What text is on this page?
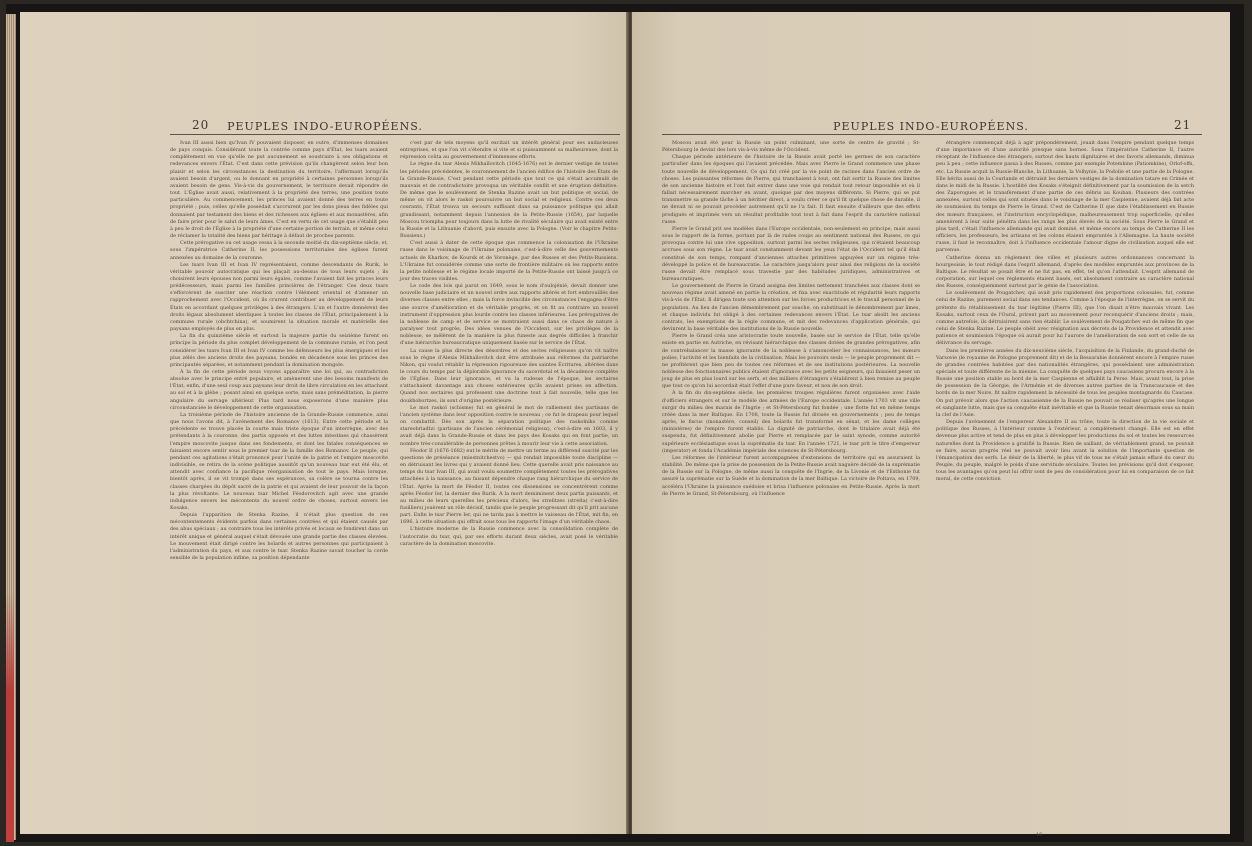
20	PEUPLES INDO-EUROPÉENS.

Ivan III aussi bien qu'Ivan IV pouvaient disposer, en outre, d'immenses domaines de pays conquis. Considérant toute la contrée comme pays d'État, les tsars avaient complètement en vue qu'elle ne put aucunement se soustraire à ses obligations et redevances envers l'État. C'est dans cette prévision qu'ils changèrent selon leur bon plaisir et selon les circonstances la destination du territoire, l'affermant lorsqu'ils avaient besoin d'argent, ou le donnant en propriété à certaines personnes lorsqu'ils avaient besoin de gens. Vis-à-vis du gouvernement, le territoire devait répondre de tout. L'Église avait aussi, relativement à la propriété des terres, une position toute particulière. Au commencement, les princes lui avaient donné des terres en toute propriété ; puis, celles qu'elle possédait s'accrurent par les dons pieux des fidèles qui donnaient par testament des biens et des richesses aux églises et aux monastères, afin de faire prier pour le salut de leurs âmes. C'est en vertu de cet usage que s'établit peu à peu le droit de l'Église à la propriété d'une certaine portion de terrain, et même celui de réclamer la totalité des biens par héritage à défaut de proches parents.

Cette prérogative ou cet usage cessa à la seconde moitié du dix-septième siècle, et, sous l'impératrice Catherine II, les possessions territoriales des églises furent annexées au domaine de la couronne.

Les tsars Ivan III et Ivan IV représentaient, comme descendants de Rurik, le véritable pouvoir autocratique qui les plaçait au-dessus de tous leurs sujets ; ils choisirent leurs épouses non parmi leurs égales, comme l'avaient fait les princes leurs prédécesseurs, mais parmi les familles princières de l'étranger. Ces deux tsars s'efforcèrent de susciter une réaction contre l'élément oriental et d'amener un rapprochement avec l'Occident, où ils crurent contribuer au développement de leurs États en accordant quelques privilèges à des étrangers. L'un et l'autre donnèrent des droits légaux absolument identiques à toutes les classes de l'État, principalement à la commune rurale (obchtchina), et soumirent la situation morale et matérielle des paysans employés de plus en plus.

La fin du quinzième siècle et surtout la majeure partie du seizième furent en principe la période du plus complet développement de la commune rurale, et l'on peut considérer les tsars Ivan III et Ivan IV comme les défenseurs les plus énergiques et les plus zélés des anciens droits des paysans, bondés en décadence sous les princes des principautés séparées, et notamment pendant la domination mongole.

À la fin de cette période nous voyons apparaître une loi qui, au contradiction absolue avec le principe entré populaire, et amènerent une des besoins manifests de l'État, enfin, d'une seul coup aux paysans leur droit de libre circulation en les attachant au sol et à la glèbe ; posant ainsi en quelque sorte, mais sans préméditation, la pierre angulaire du servage ultérieur. Plus tard nous exposerons d'une manière plus circonstanciée le développement de cette organisation.

La troisième période de l'histoire ancienne de la Grande-Russie commence, ainsi que nous l'avons dit, à l'avènement des Romanov (1613). Entre cette période et la précédente se trouve placée la courte mais triste époque d'un interrègne, avec des prétendants à la couronne, des partis opposés et des luttes intestines qui chassèrent l'empire moscovite jusque dans ses fondements, et dont les fatales conséquences se faisaient encore sentir sous le premier tsar de la famille des Romanov. Le peuple, qui pendant ces agitations s'était prononcé pour l'unité de la patrie et l'empire moscovite indivisible, se retira de la scène politique aussitôt qu'un nouveau tsar eut été élu, et attendit avec confiance la pacifique réorganisation de tout le pays. Mais lorsque, bientôt après, il se vit trompé dans ses espérances, sa colère se tourna contre les classes chargées du dépôt sacré de la patrie et qui avaient de leur pouvoir de la façon la plus révoltante. Le nouveau tsar Michel Féodorovitch agit avec une grande indulgence envers les mécontents du nouvel ordre de choses, surtout envers les Kosaks.

Depuis l'apparition de Stenka Razine, il n'était plus question de ces mécontentements évidents parfois dans certaines contrées et qui étaient causés par des abus spéciaux ; au contraire tous les intérêts privés et locaux se fondirent dans un intérêt unique et général auquel s'était dévouée une grande partie des classes élevées. Le mouvement était dirigé contre les boïards et autres personnes qui participaient à l'administration du pays, et aux contre le tsar. Stenka Razine savait toucher la corde sensible de la population infime, sa position dépendante

c'est par de tels moyens qu'il excitait un intérêt général pour ses audacieuses entreprises, et que l'on vit s'étendre si vite et si puissamment sa malheureuse, dont la répression coûta au gouvernement d'immenses efforts.

Le règne du tsar Alexis Mikhaïlovitch (1645-1676) est le dernier vestige de toutes les périodes précédentes, le couronnement de l'ancien édifice de l'histoire des États de la Grande-Russie. C'est pendant cette période que tout ce qui s'était accumulé de mauvais et de contradictoire provoqua un véritable conflit et une éruption définitive. De même que le soulèvement de Stenka Razine avait un but politique et social, de même on vit alors le raskol poursuivre un but social et religieux. Contre ces deux courants, l'État trouva un secours suffisant dans sa puissance politique qui allait grandissant, notamment depuis l'annexion de la Petite-Russie (1654), par laquelle Moscou triompha pour toujours dans la lutte de rivalité séculaire qui avait existé entre la Russie et la Lithuanie d'abord, puis ensuite avec la Pologne. (Voir le chapitre Petits-Russiens.)

C'est aussi à dater de cette époque que commence la colonisation de l'Ukraine russe dans le voisinage de l'Ukraine polonaise, c'est-à-dire celle des gouvernements actuels de Kharkov, de Koursk et de Voronège, par des Russes et des Petits-Russiens. L'Ukraine fut considérée comme une sorte de frontière militaire où les rapports entre la petite noblesse et le régime locale importé de la Petite-Russie ont laissé jusqu'à ce jour des traces visibles.

Le code des lois qui parut en 1649, sous le nom d'oulojénié, devait donner une nouvelle base judiciaire et un nouvel ordre aux rapports altérés et fort embrouillés des diverses classes entre elles ; mais la force invincible des circonstances l'engagea d'être une source d'amélioration et de véritable progrès, et on fit au contraire un nouvel instrument d'oppression plus lourde contre les classes inférieures. Les prérogatives de la noblesse de camp et de service se montraient aussi dans ce chaos de nature à paralyser tout progrès. Des idées venues de l'Occident, sur les privilèges de la noblesse, se mêlèrent de la manière la plus funeste aux degrés difficiles à franchir d'une hiérarchie bureaucratique uniquement basée sur le service de l'État.

La cause la plus directe des désordres et des sectes religieuses qu'on vit naître sous le règne d'Alexis Mikhaïlovitch doit être attribuée aux réformes du patriarche Nikon, qui voulut rétablir la répression rigoureuse des saintes Écritures, altérées dans le cours du temps par la déplorable ignorance du sacerdotal et la décadence complète de l'Église. Dans leur ignorance, et vu la rudesse de l'époque, les sectaires s'attachaient davantage aux choses extérieures qu'ils avaient prises en affection. Quand nos sectaires qui professent une doctrine tout à fait nouvelle, telle que les doukhobortzes, ils sont d'origine postérieure.

Le mot raskol (schisme) fut en général le mot de ralliement des partisans de l'ancien système dans leur opposition contre le nouveau ; ce fut le drapeau pour lequel on combattit. Dès son après la séparation politique des raskolniks comme stareobriadtzi (partisans de l'ancien cérémonial religieux), c'est-à-dire en 1603, il y avait déjà dans la Grande-Russie et dans les pays des Kosaks qui en font partie, un nombre très-considérable de personnes prêtes à mourir leur vie à cette association.

Féodor II (1676-1682) eut le mérite de mettre un terme au différend suscité par les questions de préséance (miestnitchestvo) — qui rendait impossible toute discipline — en détruisant les livres qui y avaient donné lieu. Cette querelle avait pris naissance au temps du tsar Ivan III, qui avait voulu soumettre complètement toutes les prérogatives attachées à la naissance, au faisant dépendre chaque rang hiérarchique du service de l'État. Après la mort de Féodor II, toutes ces dissensions se concentrèrent comme après Féodor Ier, la dernier des Rurik. À la mort demiminent deux partis puissants, et au milieu de leurs querelles les précieux d'alors, les strelitzes (strelta) c'est-à-dire fusilliers) jouèrent un rôle décisif, tandis que le peuple progressant dit qu'il prit aucune part. Enfin le tsar Pierre Ier, qui ne tarda pas à mettre le vaisseau de l'État, mit fin, en 1696, à cette situation qui offrait sous tous les rapports l'image d'un véritable chaos.

L'histoire moderne de la Russie commence avec la consolidation complète de l'autocratie du tsar, qui, par ses efforts durant deux siècles, avait posé le véritable caractère de la domination moscovite.

PEUPLES INDO-EUROPÉENS.	21

Moscou avait été pour la Russie un point culminant, une sorte de centre de gravité ; St-Pétersbourg le devint des lors vis-à-vis même de l'Occident.

Chaque période antérieure de l'histoire de la Russie avait porté les germes de son caractère particulier dans les époques qui l'avaient précédée. Mais avec Pierre le Grand commence une phase toute nouvelle de développement. Ce qui fut créé par la vie point de racines dans l'ancien ordre de choses. Les puissantes réformes de Pierre, qui tranchaient à tout, ont fait sortir la Russie des limites de son ancienne histoire et l'ont fait entrer dans une voie qui rendait tout retour impossible et où il fallait nécessairement marcher en avant, quoique par des moyens différents. Si Pierre, qui se put transmettre sa grande tâche à un héritier direct, a voulu créer ce qu'il fit quelque chose de durable, il ne devait ni se pouvait procéder autrement qu'il ne l'a fait. Il faut ensuite d'ailleurs que des effets prodigués et imprimés vers un résultat profitable tout tout à fait dans l'esprit du caractère national russe.

Pierre le Grand prit ses modèles dans l'Europe occidentale, non-seulement en principe, mais aussi sous le rapport de la forme, portant par là de rudes coups au sentiment national des Russes, ce qui provoqua contre lui une vive opposition, surtout parmi les sectes religieuses, qui n'étaient beaucoup accrues sous son règne. Le tsar avait constamment devant les yeux l'état de l'Occident tel qu'il était constitué de son temps, rompant d'anciennes attaches primitives appuyées sur un régime très-développé la police et de bureaucratie. Le caractère jusqu'alors pour ainsi des religions de la société russe devait être remplacé sous travestie par des habitudes juridiques, administratives et bureaucratiques.

Le gouvernement de Pierre le Grand assigna des limites nettement tranchées aux classes dont se nouveau régime avait amené en partie la création, et fixa avec exactitude et régularité leurs rapports vis-à-vis de l'État. Il dirigea toute son attention sur les forces productrices et le travail personnel de la population. Au lieu de l'ancien démembrement par souche, on substituait le dénombrement par âmes, et chaque individu fut obligé à des certaines redevances envers l'État. Le tsar abolit les anciens contrats, les exemptions de la règle commune, et mit des redevances d'application générale, qui devinrent la base véritable des institutions de la Russie nouvelle.

Pierre le Grand créa une aristocratie toute nouvelle, basée sur le service de l'État, telle qu'elle existe en partie en Autriche, en révisant hiérarchique des classes dotées de grandes prérogatives, afin de contrebalancer la masse ignorante de la noblesse à s'amoncelier les connaissances, les mœurs polies, l'activité et les bienfaits de la civilisation. Mais les pouvoirs seuls — le peuple proprement dit — ne profitèrent que bien peu de toutes ces réformes et de ses institutions postérieures. La nouvelle noblesse des fonctionnaires publics étaient d'ignorance avec les petits seigneurs, qui faisaient peser un joug de plus en plus lourd sur les serfs, et des milliers d'étrangers s'établirent à bien remise au peuple que tout ce qu'on lui accordait était l'effet d'une pure faveur, et non de son droit.

À la fin du dix-septième siècle, les premières troupes régulières furent organisées avec l'aide d'officiers étrangers et sur le modèle des armées de l'Europe occidentale. L'année 1703 vit une ville surgir du milieu des marais de l'Ingrie ; et St-Pétersbourg fut fondée ; une flotte fut en même temps créée dans la mer Baltique. En 1708, toute la Russie fut divisée en gouvernements ; peu de temps après, le fiscus (monastère, conseil) des boïards fut transformé en sénat, et les dame collèges (ministères) de l'empire furent établis. La dignité de patriarche, dont le titulaire avait déjà été suspendu, fut définitivement abolie par Pierre et remplacée par le saint synode, comme autorité supérieure ecclésiastique sous la suprématie du tsar. En l'année 1721, le tsar prit le titre d'empereur (imperator) et fonda l'Académie impériale des sciences de St-Pétersbourg.

Les réformes de l'intérieur furent accompagnées d'extensions de territoire qui en assuraient la stabilité. De même que la prise de possession de la Petite-Russie avait naguère décidé de la suprématie de la Russie sur la Pologne, de même aussi la conquête de l'Ingrie, de la Livonie et de l'Esthonie fut assuré la suprématie sur la Suède et la domination de la mer Baltique. La victoire de Poltava, en 1709, accéléra l'Ukraine la puissance suédoise et brisa l'influence polonaise en Petite-Russie. Après la mort de Pierre le Grand, St-Pétersbourg, où l'influence

étrangère commençait déjà à agir prépondérement, jouait dans l'empire pendant quelque temps d'une importance et d'une autorité presque sans bornes. Sous l'impératrice Catherine II, l'autre réceptant de l'influence des étrangers, surtout des hauts dignitaires et des favoris allemands, diminua peu à peu ; cette influence passa à des Russes, comme par exemple Potemkine (Patiomkine), Orlof-offs, etc. La Russie acquit la Russie-Blanche, la Lithuanie, la Volhynie, la Podolie et une partie de la Pologne. Elle hérita aussi de la Courlande et détruisit les derniers vestiges de la domination tatare en Crimée et dans le midi de la Russie. L'hostilité des Kosaks s'éteignit définitivement par la soumission de la setch des Zaporogues et le transfèrement d'une partie de ces débris au Kouban. Plusieurs des contrées annexées, surtout celles qui sont situées dans le voisinage de la mer Caspienne, avaient déjà fait acte de soumission du temps de Pierre le Grand. C'est de Catherine II que date l'établissement en Russie des mœurs françaises, et l'instruction encyclopédique, malheureusement trop superficielle, qu'elles amenèrent à leur suite pénétra dans les rangs les plus élevés de la société. Sous Pierre le Grand et plus tard, c'était l'influence allemande qui avait dominé, et même encore au temps de Catherine II les officiers, les professeurs, les artisans et les colons étaient empruntés à l'Allemagne. La haute société russe, il faut le reconnaître, doit à l'influence occidentale l'amour digne de civilisation auquel elle est parvenue.

Catherine donna un règlement des villes et plusieurs autres ordonnances concernant la bourgeoisie, le tout rédigé dans l'esprit allemand, d'après des modèles empruntés aux provinces de la Baltique. Le résultat se posait être et ne fut pas, en effet, tel qu'on l'attendait. L'esprit allemand de corporation, sur lequel ces règlements étaient basés, est absolument contraire au caractère national des Russes, conséquemment surtout par le génie de l'association.

Le soulèvement de Pougatchev, qui avait pris rapidement des proportions colossales, fut, comme celui de Razine, purement social dans ses tendances. Comme à l'époque de l'interrègne, on se servit du prétexte du rétablissement du tsar légitime (Pierre III), que l'on disait n'être mauvais vivant. Les Kosaks, surtout ceux de l'Oural, prirent part au mouvement pour reconquérir d'anciens droits ; mais, comme autrefois, ils détruisirent sans rien établir. Le soulèvement de Pougatchev eut de même fin que celui de Stenka Razine. Le peuple obéit avec résignation aux décrets de la Providence et attendit avec patience et soumission l'époque où aurait pour lui l'aurore de l'amélioration de son sort et celle de sa délivrance du servage.

Dans les premières années du dix-neuvième siècle, l'acquisition de la Finlande, du grand-duché de Varsovie (le royaume de Pologne proprement dit) et de la Bessarabie donnèrent encore à l'empire russe de grandes contrées habitées par des nationalités étrangères, qui possédaient une administration spéciale et toute différente de la mienne. La conquête de quelques pays caucasiens procura encore à la Russie une position stable au bord de la mer Caspienne et affaiblit la Perse. Mais, avant tout, la prise de possession de la Géorgie, de l'Arménie et de diverses autres parties de la Transcaucasie et des bords de la mer Noire, fit naître rapidement la nécessité de tous les peuples montagnards du Caucase. On put prévoir alors que l'action caucasienne de la Russie ne pouvait se réaliser qu'après une longue et sanglante lutte, mais que sa conquête était inévitable et que la Russie tenait désormais sous sa main la clef de l'Asie.

Depuis l'avènement de l'empereur Alexandre II au trône, toute la direction de la vie sociale et politique des Russes, à l'intérieur comme à l'extérieur, a complètement changé. Elle est en effet devenue plus active et tend de plus en plus à développer les productions du sol et toutes les ressources naturelles dont la Providence a gratifié la Russie. Rien de saillant, de véritablement grand, ne pouvait se faire, aucun progrès réel ne pouvait avoir lieu avant la solution de l'importante question de l'émancipation des serfs. Le désir de la liberté, le plus vif de tous ne s'était jamais effacé du cœur du Peuple, du peuple, malgré le poids d'une servitude séculaire. Toutes les prévisions qu'il doit s'exposer, tous les avantages qu'on peut lui offrir sont de peu de considération pour lui en comparaison de ce fait moral, de cette conviction

10
